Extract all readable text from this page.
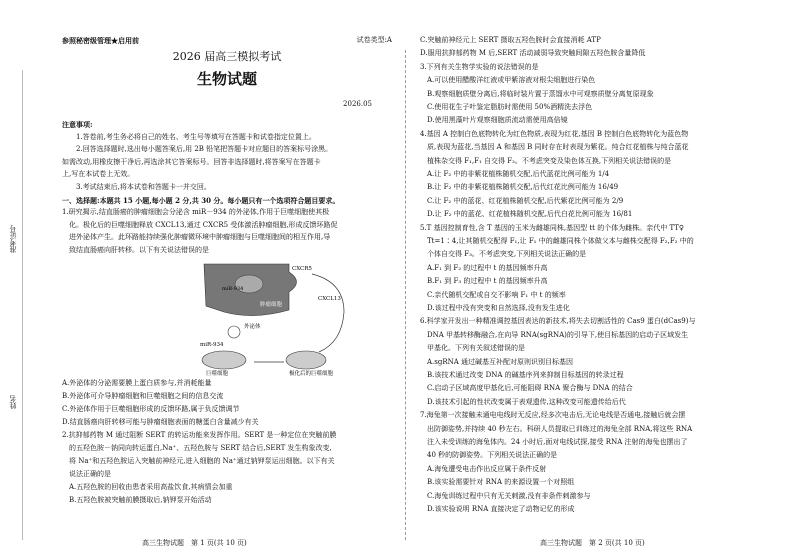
参照秘密级管理★启用前	试卷类型:A
2026 届高三模拟考试
生物试题
2026.05
注意事项:
　　1.答卷前,考生务必将自己的姓名、考生号等填写在答题卡和试卷指定位置上。
　　2.回答选择题时,选出每小题答案后,用 2B 铅笔把答题卡对应题目的答案标号涂黑。
如需改动,用橡皮擦干净后,再选涂其它答案标号。回答非选择题时,将答案写在答题卡
上,写在本试卷上无效。
　　3.考试结束后,将本试卷和答题卡一并交回。
一、选择题:本题共 15 小题,每小题 2 分,共 30 分。每小题只有一个选项符合题目要求。
1.研究揭示,结直肠癌的肿瘤细胞会分泌含 miR－934 的外泌体,作用于巨噬细胞使其极
　化。极化后的巨噬细胞释放 CXCL13,通过 CXCR5 受体激活肿瘤细胞,形成反馈环路促
　进外泌体产生。此环路能持续强化肿瘤微环境中肿瘤细胞与巨噬细胞间的相互作用,导
　致结直肠癌向肝转移。以下有关说法错误的是
肿瘤细胞
CXCR5
CXCL13
外泌体
miR-934
miR-934
巨噬细胞	极化后的巨噬细胞
A.外泌体的分泌需要膜上蛋白质参与,并消耗能量
B.外泌体可介导肿瘤细胞和巨噬细胞之间的信息交流
C.外泌体作用于巨噬细胞形成的反馈环路,属于负反馈调节
D.结直肠癌向肝转移可能与肿瘤细胞表面的糖蛋白含量减少有关
2.抗抑郁药物 M 通过阻断 SERT 的转运功能来发挥作用。SERT 是一种定位在突触前膜
　的五羟色胺－钠同向转运蛋白,Na⁺、五羟色胺与 SERT 结合后,SERT 发生构象改变,
　将 Na⁺和五羟色胺运入突触前神经元,进入细胞的 Na⁺通过钠钾泵运出细胞。以下有关
　说法正确的是
　A.五羟色胺的回收由患者采用高盐饮食,其病情会加重
　B.五羟色胺被突触前膜摄取后,钠钾泵开始活动
高三生物试题　第 1 页(共 10 页)
准考证号
姓名
C.突触前神经元上 SERT 摄取五羟色胺时会直接消耗 ATP
D.服用抗抑郁药物 M 后,SERT 活动减弱导致突触间隙五羟色胺含量降低
3.下列有关生物学实验的说法错误的是
　A.可以使用醋酸洋红液或甲紫溶液对根尖细胞进行染色
　B.观察细胞质壁分离后,将临时装片置于蒸馏水中可观察质壁分离复原现象
　C.使用花生子叶鉴定脂肪时需使用 50%酒精洗去浮色
　D.使用黑藻叶片观察细胞质流动需使用高倍镜
4.基因 A 控制白色底物转化为红色物质,表现为红花,基因 B 控制白色底物转化为蓝色物
　质,表现为蓝花,当基因 A 和基因 B 同时存在时表现为紫花。纯合红花植株与纯合蓝花
　植株杂交得 F₁,F₁ 自交得 F₂。不考虑突变及染色体互换,下列相关说法错误的是
　A.让 F₂ 中的非紫花植株随机交配,后代蓝花比例可能为 1/4
　B.让 F₂ 中的非紫花植株随机交配,后代红花比例可能为 16/49
　C.让 F₂ 中的蓝花、红花植株随机交配,后代紫花比例可能为 2/9
　D.让 F₂ 中的蓝花、红花植株随机交配,后代白花比例可能为 16/81
5.T 基因控制育性,含 T 基因的玉米为雌雄同株,基因型 tt 的个体为雌株。亲代中 TT♀
　Tt=1∶4,让其随机交配得 F₁,让 F₁ 中的雌雄同株个体做父本与雌株交配得 F₂,F₂ 中的
　个体自交得 F₃。不考虑突变,下列相关说法正确的是
　A.F₁ 到 F₂ 的过程中 t 的基因频率升高
　B.F₁ 到 F₃ 的过程中 t 的基因频率升高
　C.亲代随机交配或自交不影响 F₁ 中 t 的频率
　D.该过程中没有突变和自然选择,没有发生进化
6.科学家开发出一种精准调控基因表达的新技术,将失去切割活性的 Cas9 蛋白(dCas9)与
　DNA 甲基转移酶融合,在向导 RNA(sgRNA)的引导下,使目标基因的启动子区域发生
　甲基化。下列有关叙述错误的是
　A.sgRNA 通过碱基互补配对原则识别目标基因
　B.该技术通过改变 DNA 的碱基序列来抑制目标基因的转录过程
　C.启动子区域高度甲基化后,可能阻碍 RNA 聚合酶与 DNA 的结合
　D.该技术引起的性状改变属于表观遗传,这种改变可能遗传给后代
7.海兔第一次接触未通电电线时无反应,经多次电击后,无论电线是否通电,接触后就会摆
　出防御姿势,并持续 40 秒左右。科研人员提取已训练过的海兔全部 RNA,将这些 RNA
　注入未受训练的海兔体内。24 小时后,面对电线试探,接受 RNA 注射的海兔也摆出了
　40 秒的防御姿势。下列相关说法正确的是
　A.海兔遭受电击作出反应属于条件反射
　B.该实验需要针对 RNA 的来源设置一个对照组
　C.海兔训练过程中只有无关刺激,没有非条件刺激参与
　D.该实验说明 RNA 直接决定了动物记忆的形成
高三生物试题　第 2 页(共 10 页)
